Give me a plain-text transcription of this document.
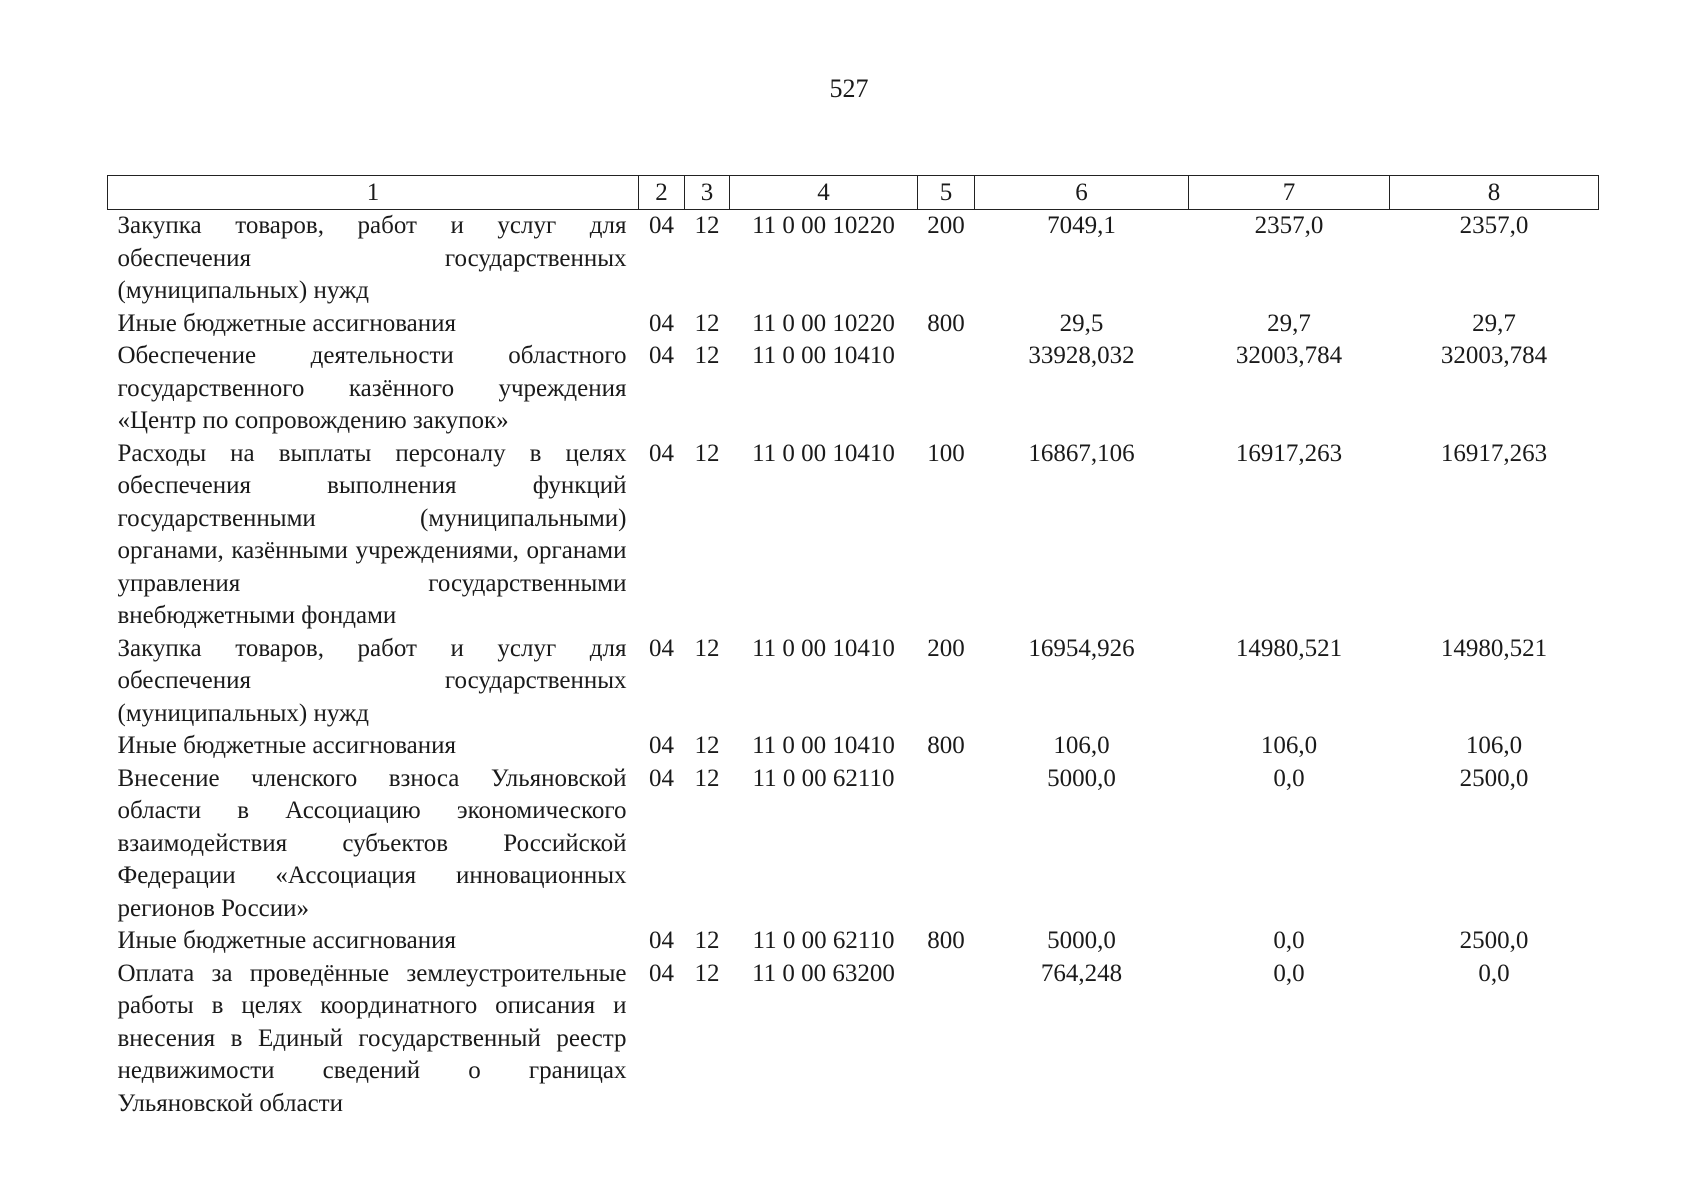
527
1	2	3	4	5	6	7	8
Закупка товаров, работ и услуг для обеспечения государственных (муниципальных) нужд	04	12	11 0 00 10220	200	7049,1	2357,0	2357,0
Иные бюджетные ассигнования	04	12	11 0 00 10220	800	29,5	29,7	29,7
Обеспечение деятельности областного государственного казённого учреждения «Центр по сопровождению закупок»	04	12	11 0 00 10410		33928,032	32003,784	32003,784
Расходы на выплаты персоналу в целях обеспечения выполнения функций государственными (муниципальными) органами, казёнными учреждениями, органами управления государственными внебюджетными фондами	04	12	11 0 00 10410	100	16867,106	16917,263	16917,263
Закупка товаров, работ и услуг для обеспечения государственных (муниципальных) нужд	04	12	11 0 00 10410	200	16954,926	14980,521	14980,521
Иные бюджетные ассигнования	04	12	11 0 00 10410	800	106,0	106,0	106,0
Внесение членского взноса Ульяновской области в Ассоциацию экономического взаимодействия субъектов Российской Федерации «Ассоциация инновационных регионов России»	04	12	11 0 00 62110		5000,0	0,0	2500,0
Иные бюджетные ассигнования	04	12	11 0 00 62110	800	5000,0	0,0	2500,0
Оплата за проведённые землеустроительные работы в целях координатного описания и внесения в Единый государственный реестр недвижимости сведений о границах Ульяновской области	04	12	11 0 00 63200		764,248	0,0	0,0
